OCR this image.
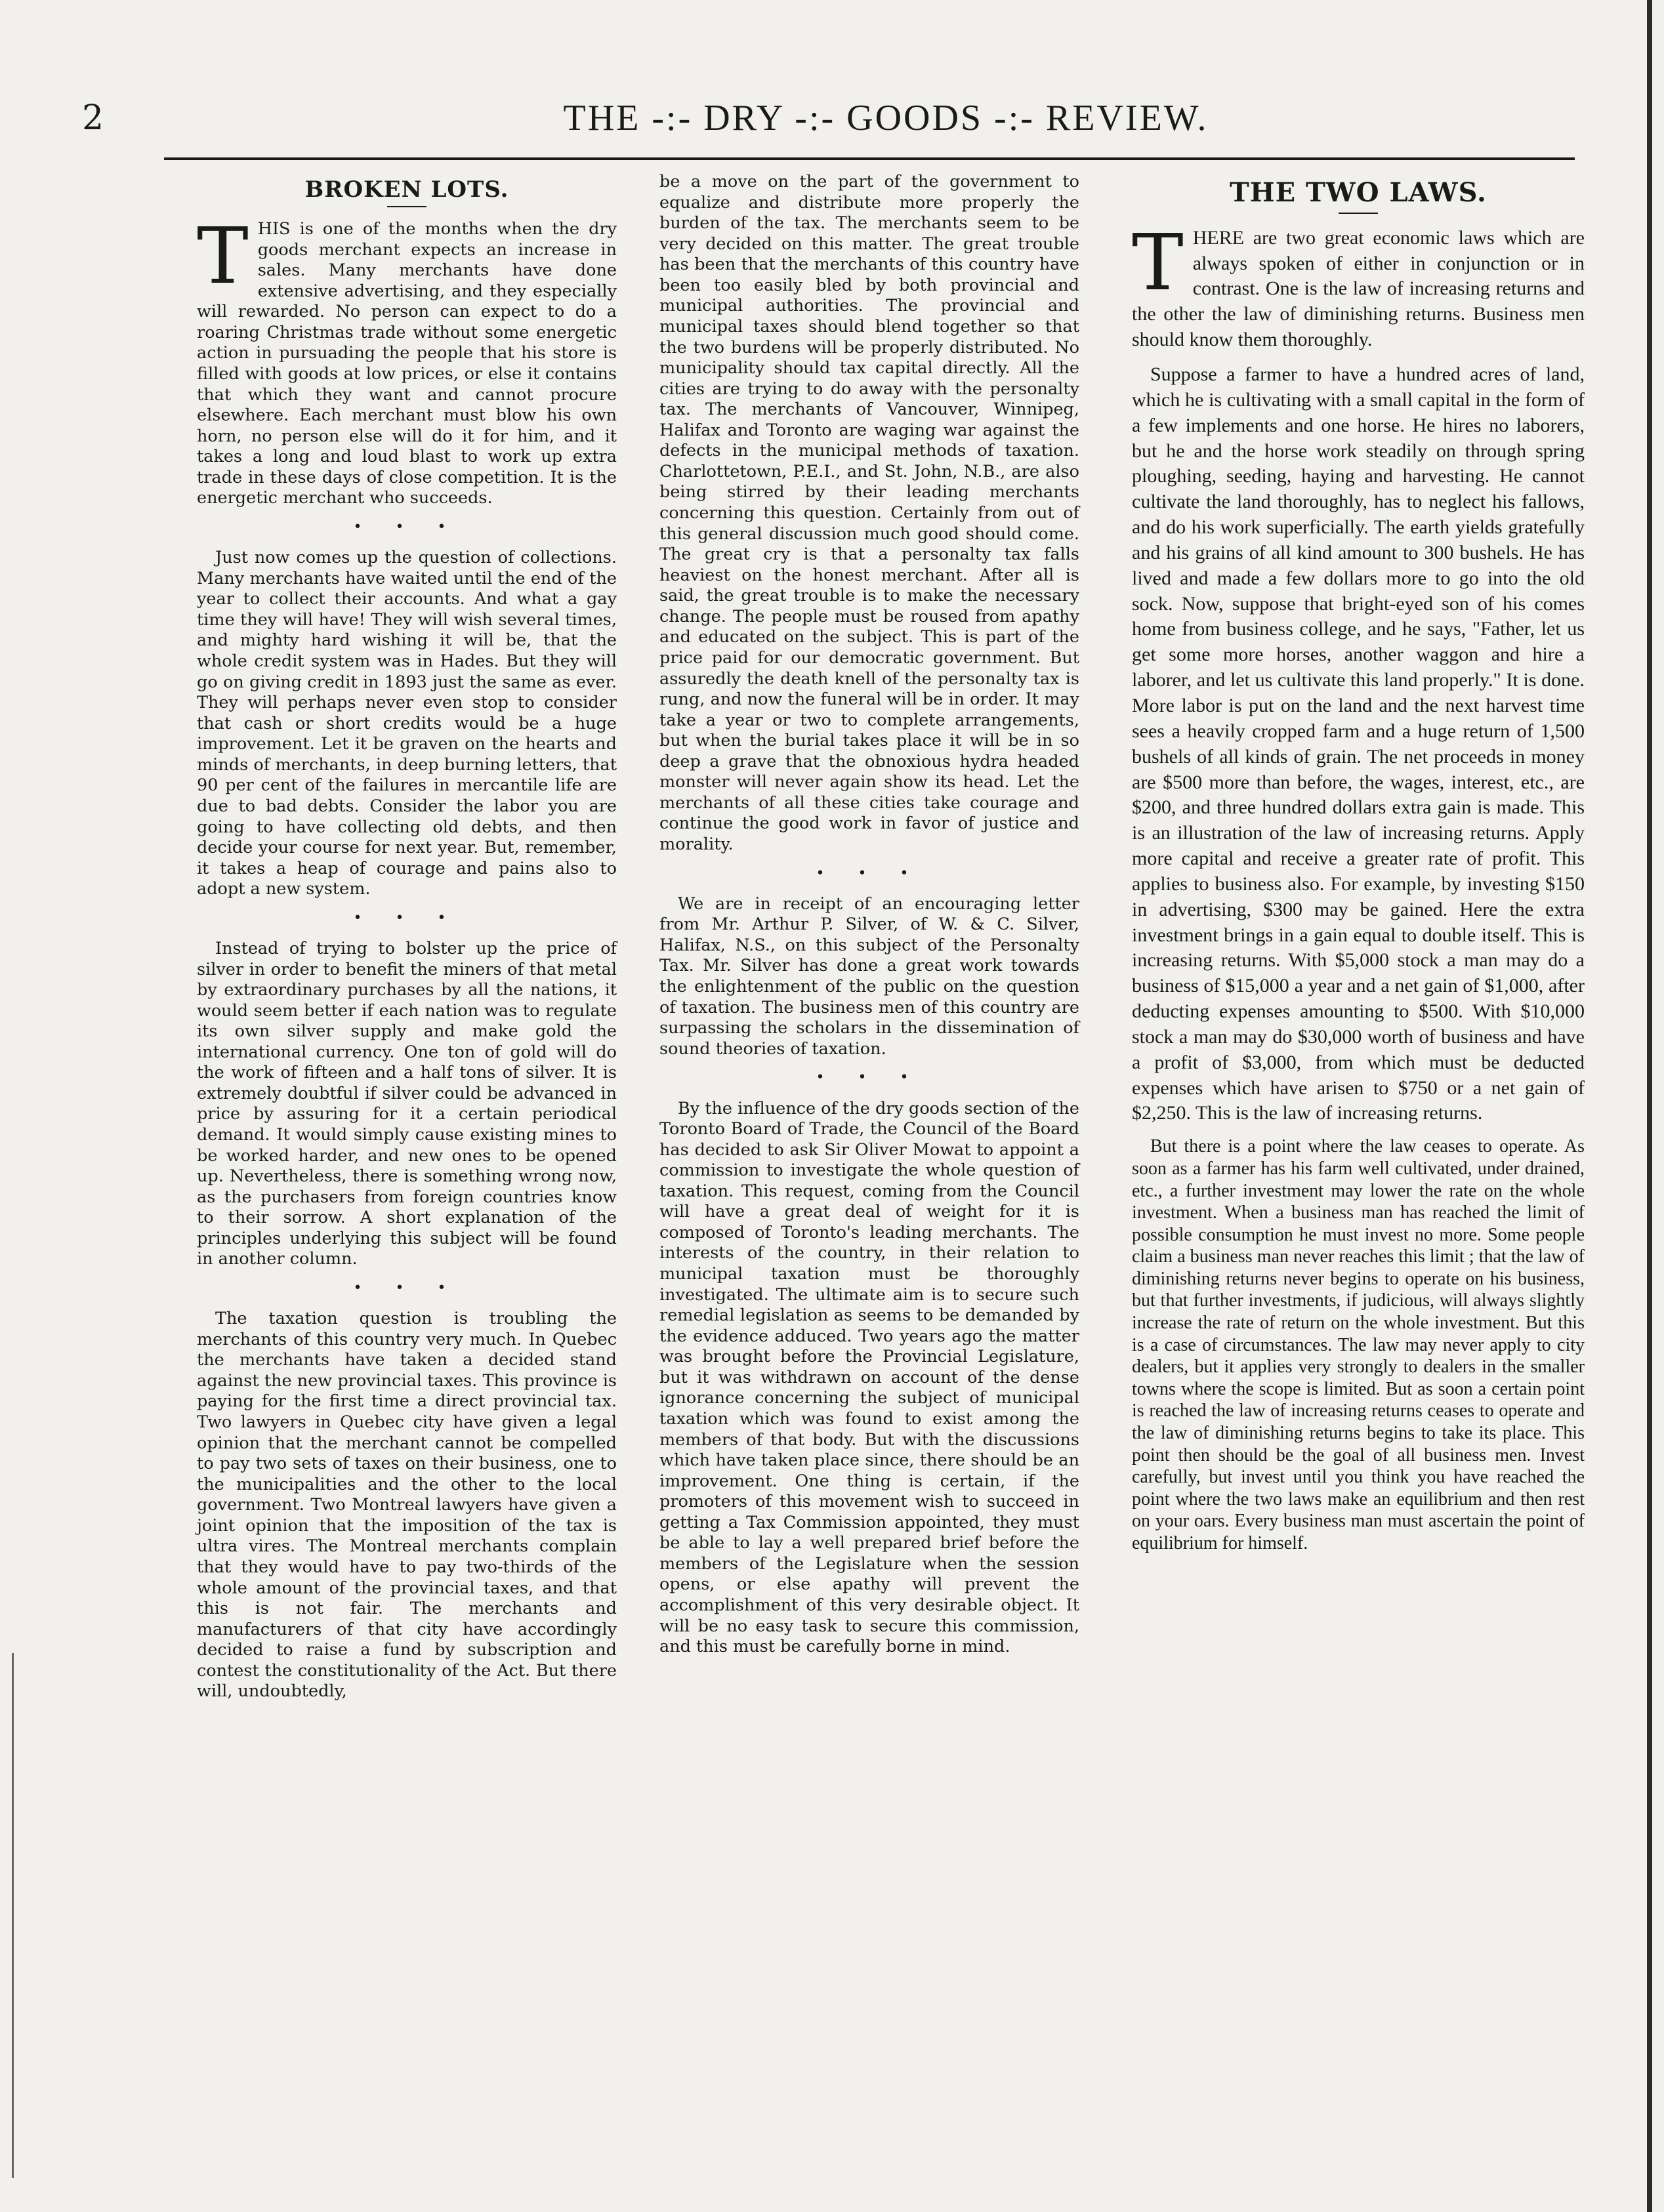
2	THE -:- DRY -:- GOODS -:- REVIEW.
BROKEN LOTS.

THIS is one of the months when the dry goods merchant expects an increase in sales. Many merchants have done extensive advertising, and they especially will rewarded. No person can expect to do a roaring Christmas trade without some energetic action in pursuading the people that his store is filled with goods at low prices, or else it contains that which they want and cannot procure elsewhere. Each merchant must blow his own horn, no person else will do it for him, and it takes a long and loud blast to work up extra trade in these days of close competition. It is the energetic merchant who succeeds.

• • •

Just now comes up the question of collections. Many merchants have waited until the end of the year to collect their accounts. And what a gay time they will have! They will wish several times, and mighty hard wishing it will be, that the whole credit system was in Hades. But they will go on giving credit in 1893 just the same as ever. They will perhaps never even stop to consider that cash or short credits would be a huge improvement. Let it be graven on the hearts and minds of merchants, in deep burning letters, that 90 per cent of the failures in mercantile life are due to bad debts. Consider the labor you are going to have collecting old debts, and then decide your course for next year. But, remember, it takes a heap of courage and pains also to adopt a new system.

• • •

Instead of trying to bolster up the price of silver in order to benefit the miners of that metal by extraordinary purchases by all the nations, it would seem better if each nation was to regulate its own silver supply and make gold the international currency. One ton of gold will do the work of fifteen and a half tons of silver. It is extremely doubtful if silver could be advanced in price by assuring for it a certain periodical demand. It would simply cause existing mines to be worked harder, and new ones to be opened up. Nevertheless, there is something wrong now, as the purchasers from foreign countries know to their sorrow. A short explanation of the principles underlying this subject will be found in another column.

• • •

The taxation question is troubling the merchants of this country very much. In Quebec the merchants have taken a decided stand against the new provincial taxes. This province is paying for the first time a direct provincial tax. Two lawyers in Quebec city have given a legal opinion that the merchant cannot be compelled to pay two sets of taxes on their business, one to the municipalities and the other to the local government. Two Montreal lawyers have given a joint opinion that the imposition of the tax is ultra vires. The Montreal merchants complain that they would have to pay two-thirds of the whole amount of the provincial taxes, and that this is not fair. The merchants and manufacturers of that city have accordingly decided to raise a fund by subscription and contest the constitutionality of the Act. But there will, undoubtedly,

be a move on the part of the government to equalize and distribute more properly the burden of the tax. The merchants seem to be very decided on this matter. The great trouble has been that the merchants of this country have been too easily bled by both provincial and municipal authorities. The provincial and municipal taxes should blend together so that the two burdens will be properly distributed. No municipality should tax capital directly. All the cities are trying to do away with the personalty tax. The merchants of Vancouver, Winnipeg, Halifax and Toronto are waging war against the defects in the municipal methods of taxation. Charlottetown, P.E.I., and St. John, N.B., are also being stirred by their leading merchants concerning this question. Certainly from out of this general discussion much good should come. The great cry is that a personalty tax falls heaviest on the honest merchant. After all is said, the great trouble is to make the necessary change. The people must be roused from apathy and educated on the subject. This is part of the price paid for our democratic government. But assuredly the death knell of the personalty tax is rung, and now the funeral will be in order. It may take a year or two to complete arrangements, but when the burial takes place it will be in so deep a grave that the obnoxious hydra headed monster will never again show its head. Let the merchants of all these cities take courage and continue the good work in favor of justice and morality.

• • •

We are in receipt of an encouraging letter from Mr. Arthur P. Silver, of W. & C. Silver, Halifax, N.S., on this subject of the Personalty Tax. Mr. Silver has done a great work towards the enlightenment of the public on the question of taxation. The business men of this country are surpassing the scholars in the dissemination of sound theories of taxation.

• • •

By the influence of the dry goods section of the Toronto Board of Trade, the Council of the Board has decided to ask Sir Oliver Mowat to appoint a commission to investigate the whole question of taxation. This request, coming from the Council will have a great deal of weight for it is composed of Toronto's leading merchants. The interests of the country, in their relation to municipal taxation must be thoroughly investigated. The ultimate aim is to secure such remedial legislation as seems to be demanded by the evidence adduced. Two years ago the matter was brought before the Provincial Legislature, but it was withdrawn on account of the dense ignorance concerning the subject of municipal taxation which was found to exist among the members of that body. But with the discussions which have taken place since, there should be an improvement. One thing is certain, if the promoters of this movement wish to succeed in getting a Tax Commission appointed, they must be able to lay a well prepared brief before the members of the Legislature when the session opens, or else apathy will prevent the accomplishment of this very desirable object. It will be no easy task to secure this commission, and this must be carefully borne in mind.

THE TWO LAWS.

THERE are two great economic laws which are always spoken of either in conjunction or in contrast. One is the law of increasing returns and the other the law of diminishing returns. Business men should know them thoroughly.

Suppose a farmer to have a hundred acres of land, which he is cultivating with a small capital in the form of a few implements and one horse. He hires no laborers, but he and the horse work steadily on through spring ploughing, seeding, haying and harvesting. He cannot cultivate the land thoroughly, has to neglect his fallows, and do his work superficially. The earth yields gratefully and his grains of all kind amount to 300 bushels. He has lived and made a few dollars more to go into the old sock. Now, suppose that bright-eyed son of his comes home from business college, and he says, "Father, let us get some more horses, another waggon and hire a laborer, and let us cultivate this land properly." It is done. More labor is put on the land and the next harvest time sees a heavily cropped farm and a huge return of 1,500 bushels of all kinds of grain. The net proceeds in money are $500 more than before, the wages, interest, etc., are $200, and three hundred dollars extra gain is made. This is an illustration of the law of increasing returns. Apply more capital and receive a greater rate of profit. This applies to business also. For example, by investing $150 in advertising, $300 may be gained. Here the extra investment brings in a gain equal to double itself. This is increasing returns. With $5,000 stock a man may do a business of $15,000 a year and a net gain of $1,000, after deducting expenses amounting to $500. With $10,000 stock a man may do $30,000 worth of business and have a profit of $3,000, from which must be deducted expenses which have arisen to $750 or a net gain of $2,250. This is the law of increasing returns.

But there is a point where the law ceases to operate. As soon as a farmer has his farm well cultivated, under drained, etc., a further investment may lower the rate on the whole investment. When a business man has reached the limit of possible consumption he must invest no more. Some people claim a business man never reaches this limit ; that the law of diminishing returns never begins to operate on his business, but that further investments, if judicious, will always slightly increase the rate of return on the whole investment. But this is a case of circumstances. The law may never apply to city dealers, but it applies very strongly to dealers in the smaller towns where the scope is limited. But as soon a certain point is reached the law of increasing returns ceases to operate and the law of diminishing returns begins to take its place. This point then should be the goal of all business men. Invest carefully, but invest until you think you have reached the point where the two laws make an equilibrium and then rest on your oars. Every business man must ascertain the point of equilibrium for himself.
